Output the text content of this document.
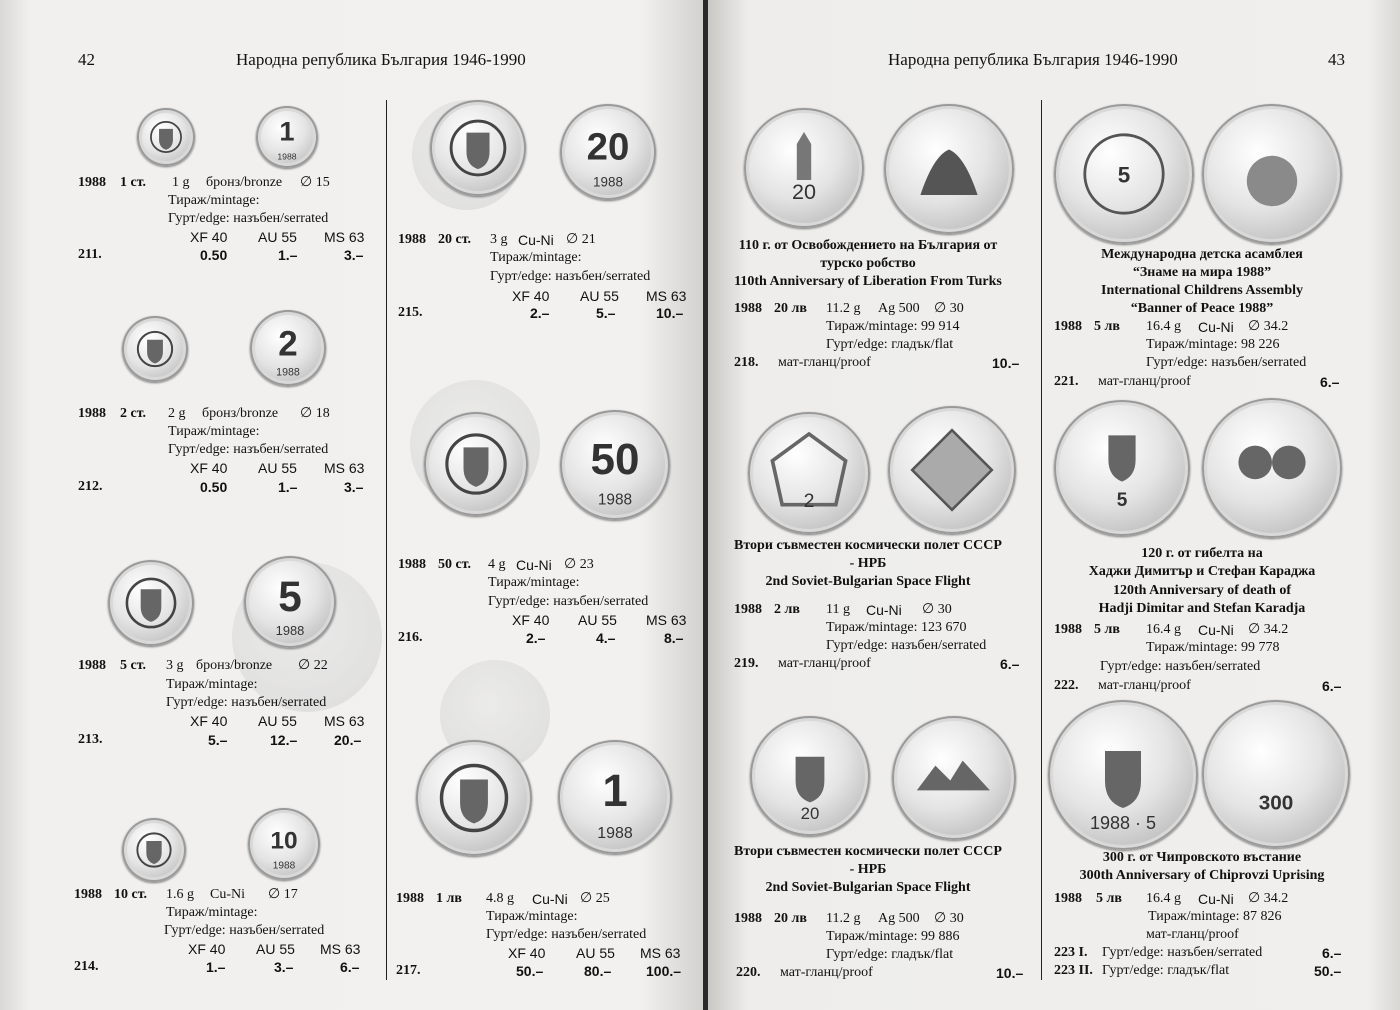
42	Народна република България 1946-1990
1
1988
2
1988
5
1988
10
1988
1988 1 ст. 1 g бронз/bronze ∅ 15
Тираж/mintage:
Гурт/edge: назъбен/serrated
XF 40 AU 55 MS 63
211.	0.50	1.–	3.–
1988 2 ст. 2 g бронз/bronze ∅ 18
Тираж/mintage:
Гурт/edge: назъбен/serrated
XF 40 AU 55 MS 63
212.	0.50	1.–	3.–
1988 5 ст. 3 g бронз/bronze ∅ 22
Тираж/mintage:
Гурт/edge: назъбен/serrated
XF 40 AU 55 MS 63
213.	5.–	12.–	20.–
1988 10 ст. 1.6 g Cu-Ni ∅ 17
Тираж/mintage:
Гурт/edge: назъбен/serrated
XF 40 AU 55 MS 63
214.	1.–	3.–	6.–
20
1988
50
1988
1
1988
1988 20 ст. 3 g Cu-Ni ∅ 21
Тираж/mintage:
Гурт/edge: назъбен/serrated
XF 40 AU 55 MS 63
215.	2.–	5.–	10.–
1988 50 ст. 4 g Cu-Ni ∅ 23
Тираж/mintage:
Гурт/edge: назъбен/serrated
XF 40 AU 55 MS 63
216.	2.–	4.–	8.–
1988 1 лв 4.8 g Cu-Ni ∅ 25
Тираж/mintage:
Гурт/edge: назъбен/serrated
XF 40 AU 55 MS 63
217.	50.–	80.– 100.–
Народна република България 1946-1990	43
20
2
20
5
5
1988 · 5
300
110 г. от Освобождението на България от
турско робство
110th Anniversary of Liberation From Turks
1988 20 лв 11.2 g Ag 500 ∅ 30
Тираж/mintage: 99 914
Гурт/edge: гладък/flat
218. мат-гланц/proof	10.–
Втори съвместен космически полет СССР
- НРБ
2nd Soviet-Bulgarian Space Flight
1988 2 лв 11 g Cu-Ni ∅ 30
Тираж/mintage: 123 670
Гурт/edge: назъбен/serrated
219. мат-гланц/proof	6.–
Втори съвместен космически полет СССР
- НРБ
2nd Soviet-Bulgarian Space Flight
1988 20 лв 11.2 g Ag 500 ∅ 30
Тираж/mintage: 99 886
Гурт/edge: гладък/flat
220. мат-гланц/proof	10.–
Международна детска асамблея
“Знаме на мира 1988”
International Childrens Assembly
“Banner of Peace 1988”
1988 5 лв 16.4 g Cu-Ni ∅ 34.2
Тираж/mintage: 98 226
Гурт/edge: назъбен/serrated
221. мат-гланц/proof	6.–
120 г. от гибелта на
Хаджи Димитър и Стефан Караджа
120th Anniversary of death of
Hadji Dimitar and Stefan Karadja
1988 5 лв 16.4 g Cu-Ni ∅ 34.2
Тираж/mintage: 99 778
Гурт/edge: назъбен/serrated
222. мат-гланц/proof	6.–
300 г. от Чипровското въстание
300th Anniversary of Chiprovzi Uprising
1988 5 лв 16.4 g Cu-Ni ∅ 34.2
Тираж/mintage: 87 826
мат-гланц/proof
223 I. Гурт/edge: назъбен/serrated	6.–
223 II. Гурт/edge: гладък/flat	50.–
